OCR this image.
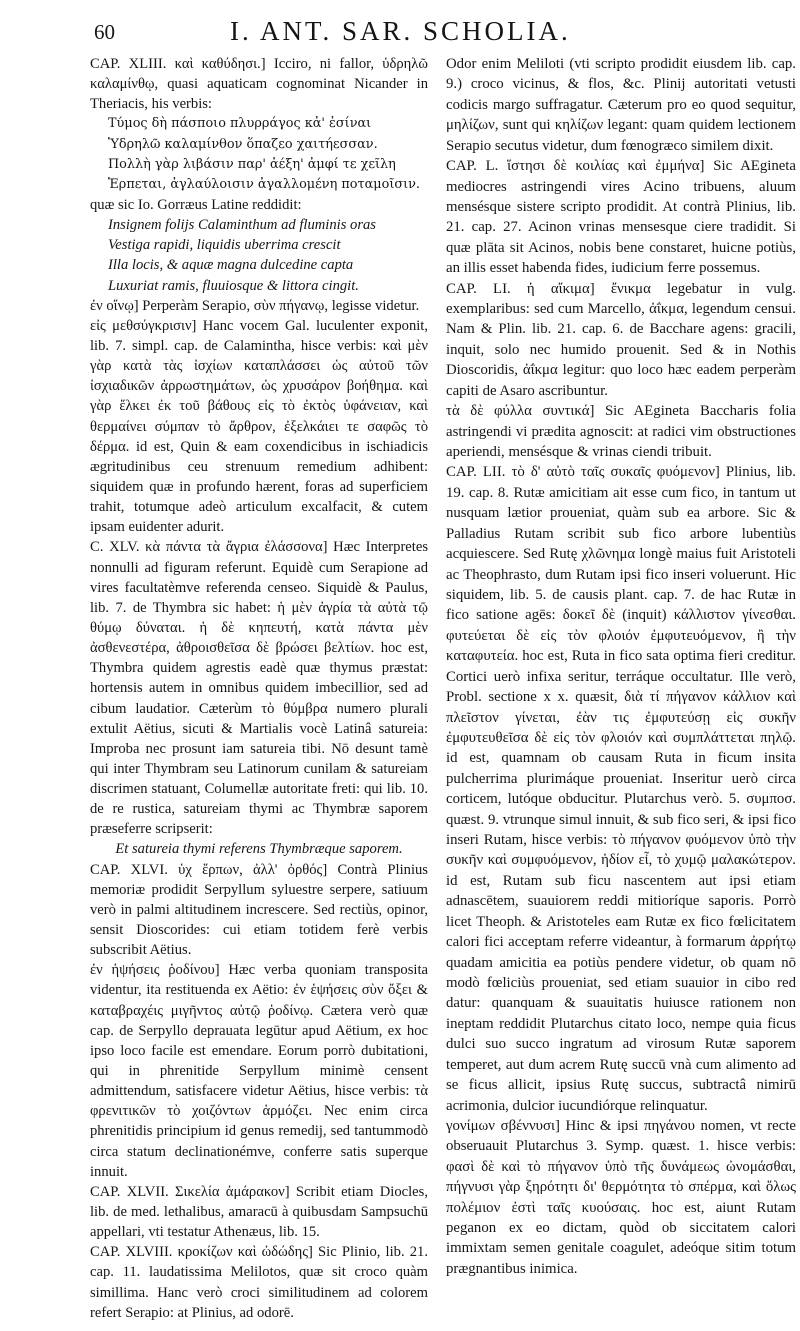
60	I. ANT. SAR. SCHOLIA.

CAP. XLIII. καὶ καθύδησι.] Icciro, ni fallor, ὑδρηλῶ καλαμίνθῳ, quasi aquaticam cognominat Nicander in Theriacis, his verbis:

Τύμος δὴ πάσποιο πλυρράγος κἀ' ἐσίναι

Ὑδρηλῶ καλαμίνθον ὅπαζεο χαιτήεσσαν.

Πολλὴ γὰρ λιβάσιν παρ' ἀέξη' ἀμφί τε χεῖλη

Ἑρπεται, ἀγλαύλοισιν ἀγαλλομένη ποταμοῖσιν.

quæ sic Io. Gorræus Latine reddidit:

Insignem folijs Calaminthum ad fluminis oras

Vestiga rapidi, liquidis uberrima crescit

Illa locis, & aquæ magna dulcedine capta

Luxuriat ramis, fluuiosque & littora cingit.

ἐν οἴνῳ] Perperàm Serapio, σὺν πήγανῳ, legisse videtur.

εἰς μεθσύγκρισιν] Hanc vocem Gal. luculenter exponit, lib. 7. simpl. cap. de Calamintha, hisce verbis: καὶ μὲν γὰρ κατὰ τὰς ἰσχίων καταπλάσσει ὡς αὐτοῦ τῶν ἰσχιαδικῶν ἀρρωστημάτων, ὡς χρυσάρον βοήθημα. καὶ γὰρ ἕλκει ἐκ τοῦ βάθους εἰς τὸ ἐκτὸς ὑφάνειαν, καὶ θερμαίνει σύμπαν τὸ ἄρθρον, ἐξελκάιει τε σαφῶς τὸ δέρμα. id est, Quin & eam coxendicibus in ischiadicis ægritudinibus ceu strenuum remedium adhibent: siquidem quæ in profundo hærent, foras ad superficiem trahit, totumque adeò articulum excalfacit, & cutem ipsam euidenter adurit.

C. XLV. κὰ πάντα τὰ ἄγρια ἐλάσσονα] Hæc Interpretes nonnulli ad figuram referunt. Equidè cum Serapione ad vires facultatèmve referenda censeo. Siquidè & Paulus, lib. 7. de Thymbra sic habet: ἡ μὲν ἀγρία τὰ αὐτὰ τῷ θύμῳ δύναται. ἡ δὲ κηπευτή, κατὰ πάντα μὲν ἀσθενεστέρα, ἀθροισθεῖσα δὲ βρώσει βελτίων. hoc est, Thymbra quidem agrestis eadè quæ thymus præstat: hortensis autem in omnibus quidem imbecillior, sed ad cibum laudatior. Cæterùm τὸ θύμβρα numero plurali extulit Aëtius, sicuti & Martialis vocè Latinâ satureia: Improba nec prosunt iam satureia tibi. Nō desunt tamè qui inter Thymbram seu Latinorum cunilam & satureiam discrimen statuant, Columellæ autoritate freti: qui lib. 10. de re rustica, satureiam thymi ac Thymbræ saporem præseferre scripserit:

Et satureia thymi referens Thymbræque saporem.

CAP. XLVI. ὑχ ἕρπων, ἀλλ' ὀρθός] Contrà Plinius memoriæ prodidit Serpyllum syluestre serpere, satiuum verò in palmi altitudinem increscere. Sed rectiùs, opinor, sensit Dioscorides: cui etiam totidem ferè verbis subscribit Aëtius.

ἐν ἡψήσεις ῥοδίνου] Hæc verba quoniam transposita videntur, ita restituenda ex Aëtio: ἐν ἑψήσεις σὺν ὄξει & καταβραχέις μιγῆντος αὐτῷ ῥοδίνῳ. Cætera verò quæ cap. de Serpyllo deprauata legūtur apud Aëtium, ex hoc ipso loco facile est emendare. Eorum porrò dubitationi, qui in phrenitide Serpyllum minimè censent admittendum, satisfacere videtur Aëtius, hisce verbis: τὰ φρενιτικῶν τὸ χοιζόντων ἁρμόζει. Nec enim circa phrenitidis principium id genus remedij, sed tantummodò circa statum declinationémve, conferre satis superque innuit.

CAP. XLVII. Σικελία ἀμάρακον] Scribit etiam Diocles, lib. de med. lethalibus, amaracū à quibusdam Sampsuchū appellari, vti testatur Athenæus, lib. 15.

CAP. XLVIII. κροκίζων καὶ ὠδώδης] Sic Plinio, lib. 21. cap. 11. laudatissima Melilotos, quæ sit croco quàm simillima. Hanc verò croci similitudinem ad colorem refert Serapio: at Plinius, ad odorē.

Odor enim Meliloti (vti scripto prodidit eiusdem lib. cap. 9.) croco vicinus, & flos, &c. Plinij autoritati vetusti codicis margo suffragatur. Cæterum pro eo quod sequitur, μηλίζων, sunt qui κηλίζων legant: quam quidem lectionem Serapio secutus videtur, dum fœnogræco similem dixit.

CAP. L. ἵστησι δὲ κοιλίας καὶ ἐμμήνα] Sic AEgineta mediocres astringendi vires Acino tribuens, aluum mensésque sistere scripto prodidit. At contrà Plinius, lib. 21. cap. 27. Acinon vrinas mensesque ciere tradidit. Si quæ plāta sit Acinos, nobis bene constaret, huicne potiùs, an illis esset habenda fides, iudicium ferre possemus.

CAP. LI. ἡ αἴκιμα] ἔνικμα legebatur in vulg. exemplaribus: sed cum Marcello, ἀΐκμα, legendum censui. Nam & Plin. lib. 21. cap. 6. de Bacchare agens: gracili, inquit, solo nec humido prouenit. Sed & in Nothis Dioscoridis, ἀΐκμα legitur: quo loco hæc eadem perperàm capiti de Asaro ascribuntur.

τὰ δὲ φύλλα συντικά] Sic AEgineta Baccharis folia astringendi vi prædita agnoscit: at radici vim obstructiones aperiendi, mensésque & vrinas ciendi tribuit.

CAP. LII. τὸ δ' αὐτὸ ταῖς συκαῖς φυόμενον] Plinius, lib. 19. cap. 8. Rutæ amicitiam ait esse cum fico, in tantum ut nusquam lætior proueniat, quàm sub ea arbore. Sic & Palladius Rutam scribit sub fico arbore lubentiùs acquiescere. Sed Rutę χλῶνημα longè maius fuit Aristoteli ac Theophrasto, dum Rutam ipsi fico inseri voluerunt. Hic siquidem, lib. 5. de causis plant. cap. 7. de hac Rutæ in fico satione agēs: δοκεῖ δὲ (inquit) κάλλιστον γίνεσθαι. φυτεύεται δὲ εἰς τὸν φλοιόν ἐμφυτευόμενον, ἢ τὴν καταφυτεία. hoc est, Ruta in fico sata optima fieri creditur. Cortici uerò infixa seritur, terráque occultatur. Ille verò, Probl. sectione x x. quæsit, διὰ τί πήγανον κάλλιον καὶ πλεῖστον γίνεται, ἐὰν τις ἐμφυτεύσῃ εἰς συκῆν ἐμφυτευθεῖσα δὲ εἰς τὸν φλοιόν καὶ συμπλάττεται πηλῷ. id est, quamnam ob causam Ruta in ficum insita pulcherrima plurimáque proueniat. Inseritur uerò circa corticem, lutóque obducitur. Plutarchus verò. 5. συμποσ. quæst. 9. vtrunque simul innuit, & sub fico seri, & ipsi fico inseri Rutam, hisce verbis: τὸ πήγανον φυόμενον ὑπὸ τὴν συκῆν καὶ συμφυόμενον, ἡδίον εἶ, τὸ χυμῷ μαλακώτερον. id est, Rutam sub ficu nascentem aut ipsi etiam adnascētem, suauiorem reddi mitioríque saporis. Porrò licet Theoph. & Aristoteles eam Rutæ ex fico fœlicitatem calori fici acceptam referre videantur, à formarum ἀρρήτῳ quadam amicitia ea potiùs pendere videtur, ob quam nō modò fœliciùs proueniat, sed etiam suauior in cibo red datur: quanquam & suauitatis huiusce rationem non ineptam reddidit Plutarchus citato loco, nempe quia ficus dulci suo succo ingratum ad virosum Rutæ saporem temperet, aut dum acrem Rutę succū vnà cum alimento ad se ficus allicit, ipsius Rutę succus, subtractâ nimirū acrimonia, dulcior iucundiórque relinquatur.

γονίμων σβέννυσι] Hinc & ipsi πηγάνου nomen, vt recte obseruauit Plutarchus 3. Symp. quæst. 1. hisce verbis: φασὶ δὲ καὶ τὸ πήγανον ὑπὸ τῆς δυνάμεως ὠνομάσθαι, πήγνυσι γὰρ ξηρότητι δι' θερμότητα τὸ σπέρμα, καὶ ὅλως πολέμιον ἐστὶ ταῖς κυούσαις. hoc est, aiunt Rutam peganon ex eo dictam, quòd ob siccitatem calori immixtam semen genitale coagulet, adeóque sitim totum prægnantibus inimica.
